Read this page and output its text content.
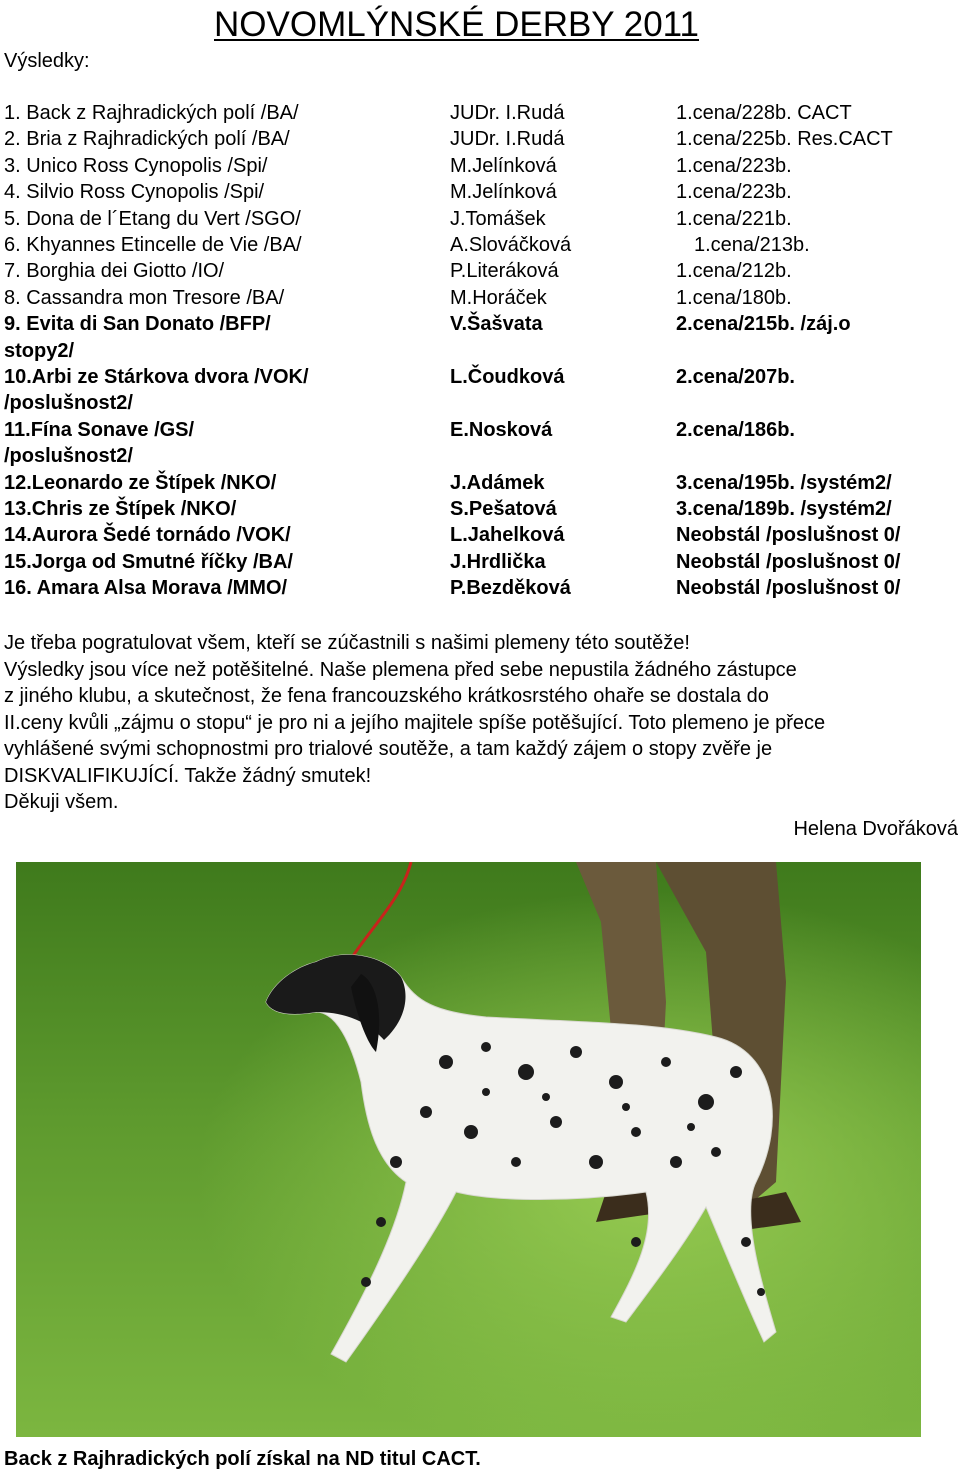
Výsledky:
NOVOMLÝNSKÉ DERBY 2011
1. Back z Rajhradických polí /BA/	JUDr. I.Rudá	1.cena/228b. CACT
2. Bria z Rajhradických polí /BA/	JUDr. I.Rudá	1.cena/225b. Res.CACT
3. Unico Ross Cynopolis /Spi/	M.Jelínková	1.cena/223b.
4. Silvio Ross Cynopolis /Spi/	M.Jelínková	1.cena/223b.
5. Dona de l´Etang du Vert /SGO/	J.Tomášek	1.cena/221b.
6. Khyannes Etincelle de Vie /BA/	A.Slováčková	1.cena/213b.
7. Borghia dei Giotto /IO/	P.Literáková	1.cena/212b.
8. Cassandra mon Tresore /BA/	M.Horáček	1.cena/180b.
9. Evita di San Donato /BFP/	V.Šašvata	2.cena/215b. /záj.o
stopy2/
10.Arbi ze Stárkova dvora /VOK/	L.Čoudková	2.cena/207b.
/poslušnost2/
11.Fína Sonave /GS/	E.Nosková	2.cena/186b.
/poslušnost2/
12.Leonardo ze Štípek /NKO/	J.Adámek	3.cena/195b. /systém2/
13.Chris ze Štípek /NKO/	S.Pešatová	3.cena/189b. /systém2/
14.Aurora Šedé tornádo /VOK/	L.Jahelková	Neobstál /poslušnost 0/
15.Jorga od Smutné říčky /BA/	J.Hrdlička	Neobstál /poslušnost 0/
16. Amara Alsa Morava /MMO/	P.Bezděková	Neobstál /poslušnost 0/

Je třeba pogratulovat všem, kteří se zúčastnili s našimi plemeny této soutěže!

Výsledky jsou více než potěšitelné. Naše plemena před sebe nepustila žádného zástupce

z jiného klubu, a skutečnost, že fena francouzského krátkosrstého ohaře se dostala do

II.ceny kvůli „zájmu o stopu“ je pro ni a jejího majitele spíše potěšující. Toto plemeno je přece

vyhlášené svými schopnostmi pro trialové soutěže, a tam každý zájem o stopy zvěře je

DISKVALIFIKUJÍCÍ. Takže žádný smutek!

Děkuji všem.

Helena Dvořáková
Back z Rajhradických polí získal na ND titul CACT.
